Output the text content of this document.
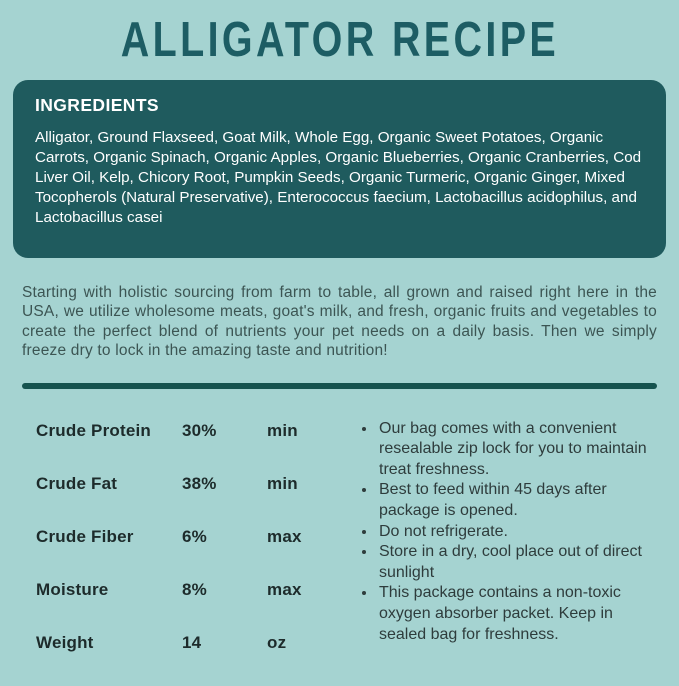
ALLIGATOR RECIPE

INGREDIENTS

Alligator, Ground Flaxseed, Goat Milk, Whole Egg, Organic Sweet Potatoes, Organic Carrots, Organic Spinach, Organic Apples, Organic Blueberries, Organic Cranberries, Cod Liver Oil, Kelp, Chicory Root, Pumpkin Seeds, Organic Turmeric, Organic Ginger, Mixed Tocopherols (Natural Preservative), Enterococcus faecium, Lactobacillus acidophilus, and Lactobacillus casei

Starting with holistic sourcing from farm to table, all grown and raised right here in the USA, we utilize wholesome meats, goat's milk, and fresh, organic fruits and vegetables to create the perfect blend of nutrients your pet needs on a daily basis. Then we simply freeze dry to lock in the amazing taste and nutrition!

Crude Protein	30%	min
Crude Fat	38%	min
Crude Fiber	6%	max
Moisture	8%	max
Weight	14	oz
• Our bag comes with a convenient resealable zip lock for you to maintain treat freshness.
• Best to feed within 45 days after package is opened.
• Do not refrigerate.
• Store in a dry, cool place out of direct sunlight
• This package contains a non-toxic oxygen absorber packet. Keep in sealed bag for freshness.
